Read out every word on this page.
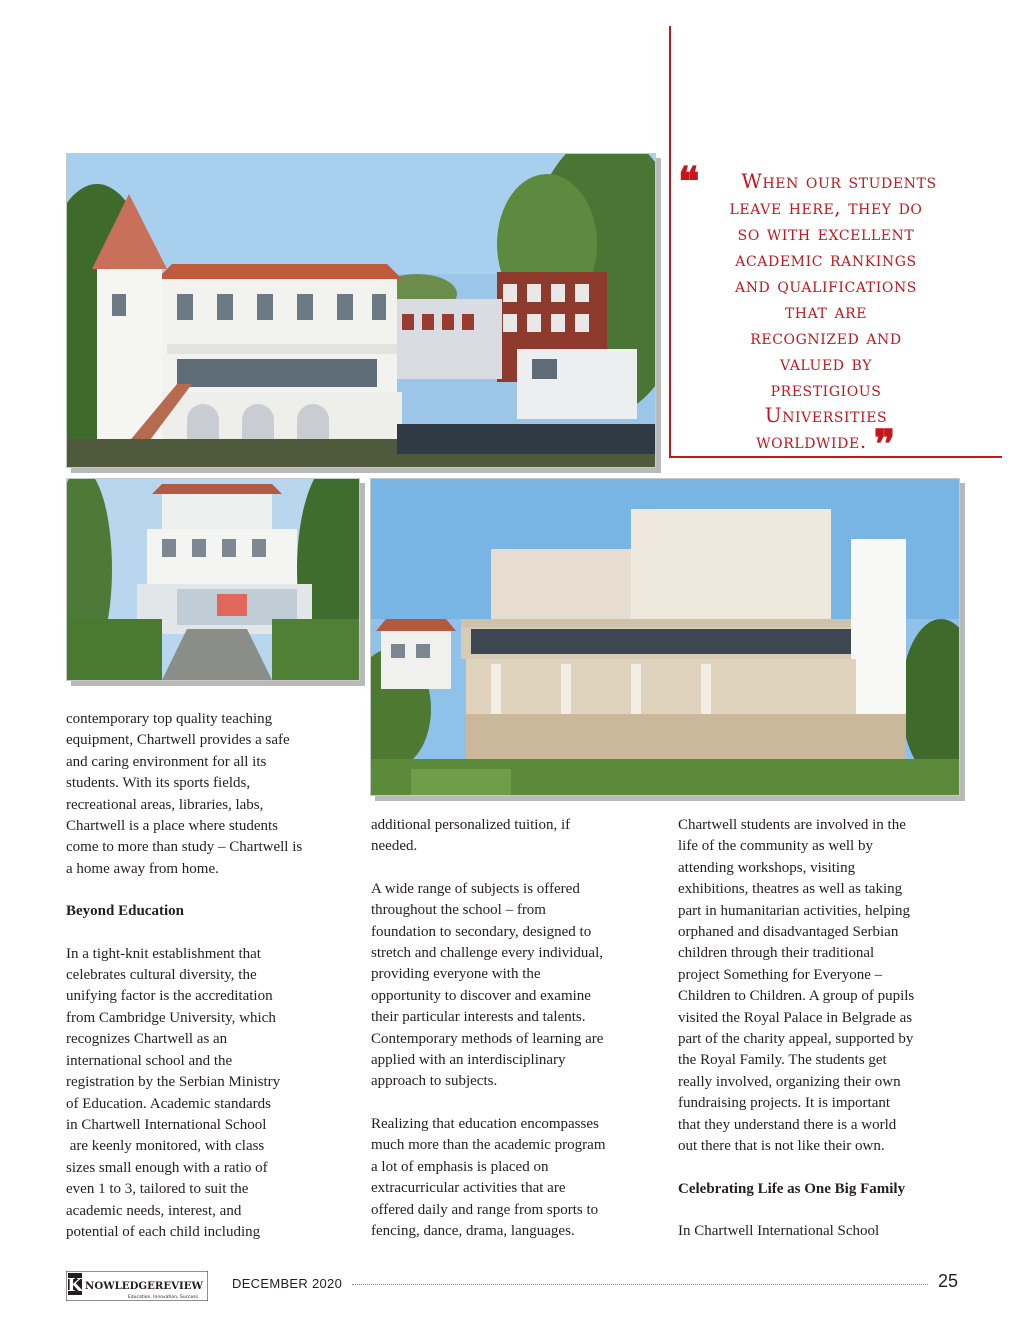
When our students
leave here, they do
so with excellent
academic rankings
and qualifications
that are
recognized and
valued by
prestigious
Universities
worldwide. ❞
❝

contemporary top quality teaching
equipment, Chartwell provides a safe
and caring environment for all its
students. With its sports fields,
recreational areas, libraries, labs,
Chartwell is a place where students
come to more than study – Chartwell is
a home away from home.

Beyond Education

In a tight-knit establishment that
celebrates cultural diversity, the
unifying factor is the accreditation
from Cambridge University, which
recognizes Chartwell as an
international school and the
registration by the Serbian Ministry
of Education. Academic standards
in Chartwell International School
are keenly monitored, with class
sizes small enough with a ratio of
even 1 to 3, tailored to suit the
academic needs, interest, and
potential of each child including

additional personalized tuition, if
needed.

A wide range of subjects is offered
throughout the school – from
foundation to secondary, designed to
stretch and challenge every individual,
providing everyone with the
opportunity to discover and examine
their particular interests and talents.
Contemporary methods of learning are
applied with an interdisciplinary
approach to subjects.

Realizing that education encompasses
much more than the academic program
a lot of emphasis is placed on
extracurricular activities that are
offered daily and range from sports to
fencing, dance, drama, languages.

Chartwell students are involved in the
life of the community as well by
attending workshops, visiting
exhibitions, theatres as well as taking
part in humanitarian activities, helping
orphaned and disadvantaged Serbian
children through their traditional
project Something for Everyone –
Children to Children. A group of pupils
visited the Royal Palace in Belgrade as
part of the charity appeal, supported by
the Royal Family. The students get
really involved, organizing their own
fundraising projects. It is important
that they understand there is a world
out there that is not like their own.

Celebrating Life as One Big Family

In Chartwell International School

K NOWLEDGEREVIEW
Education, Innovation, Success
DECEMBER 2020	25
